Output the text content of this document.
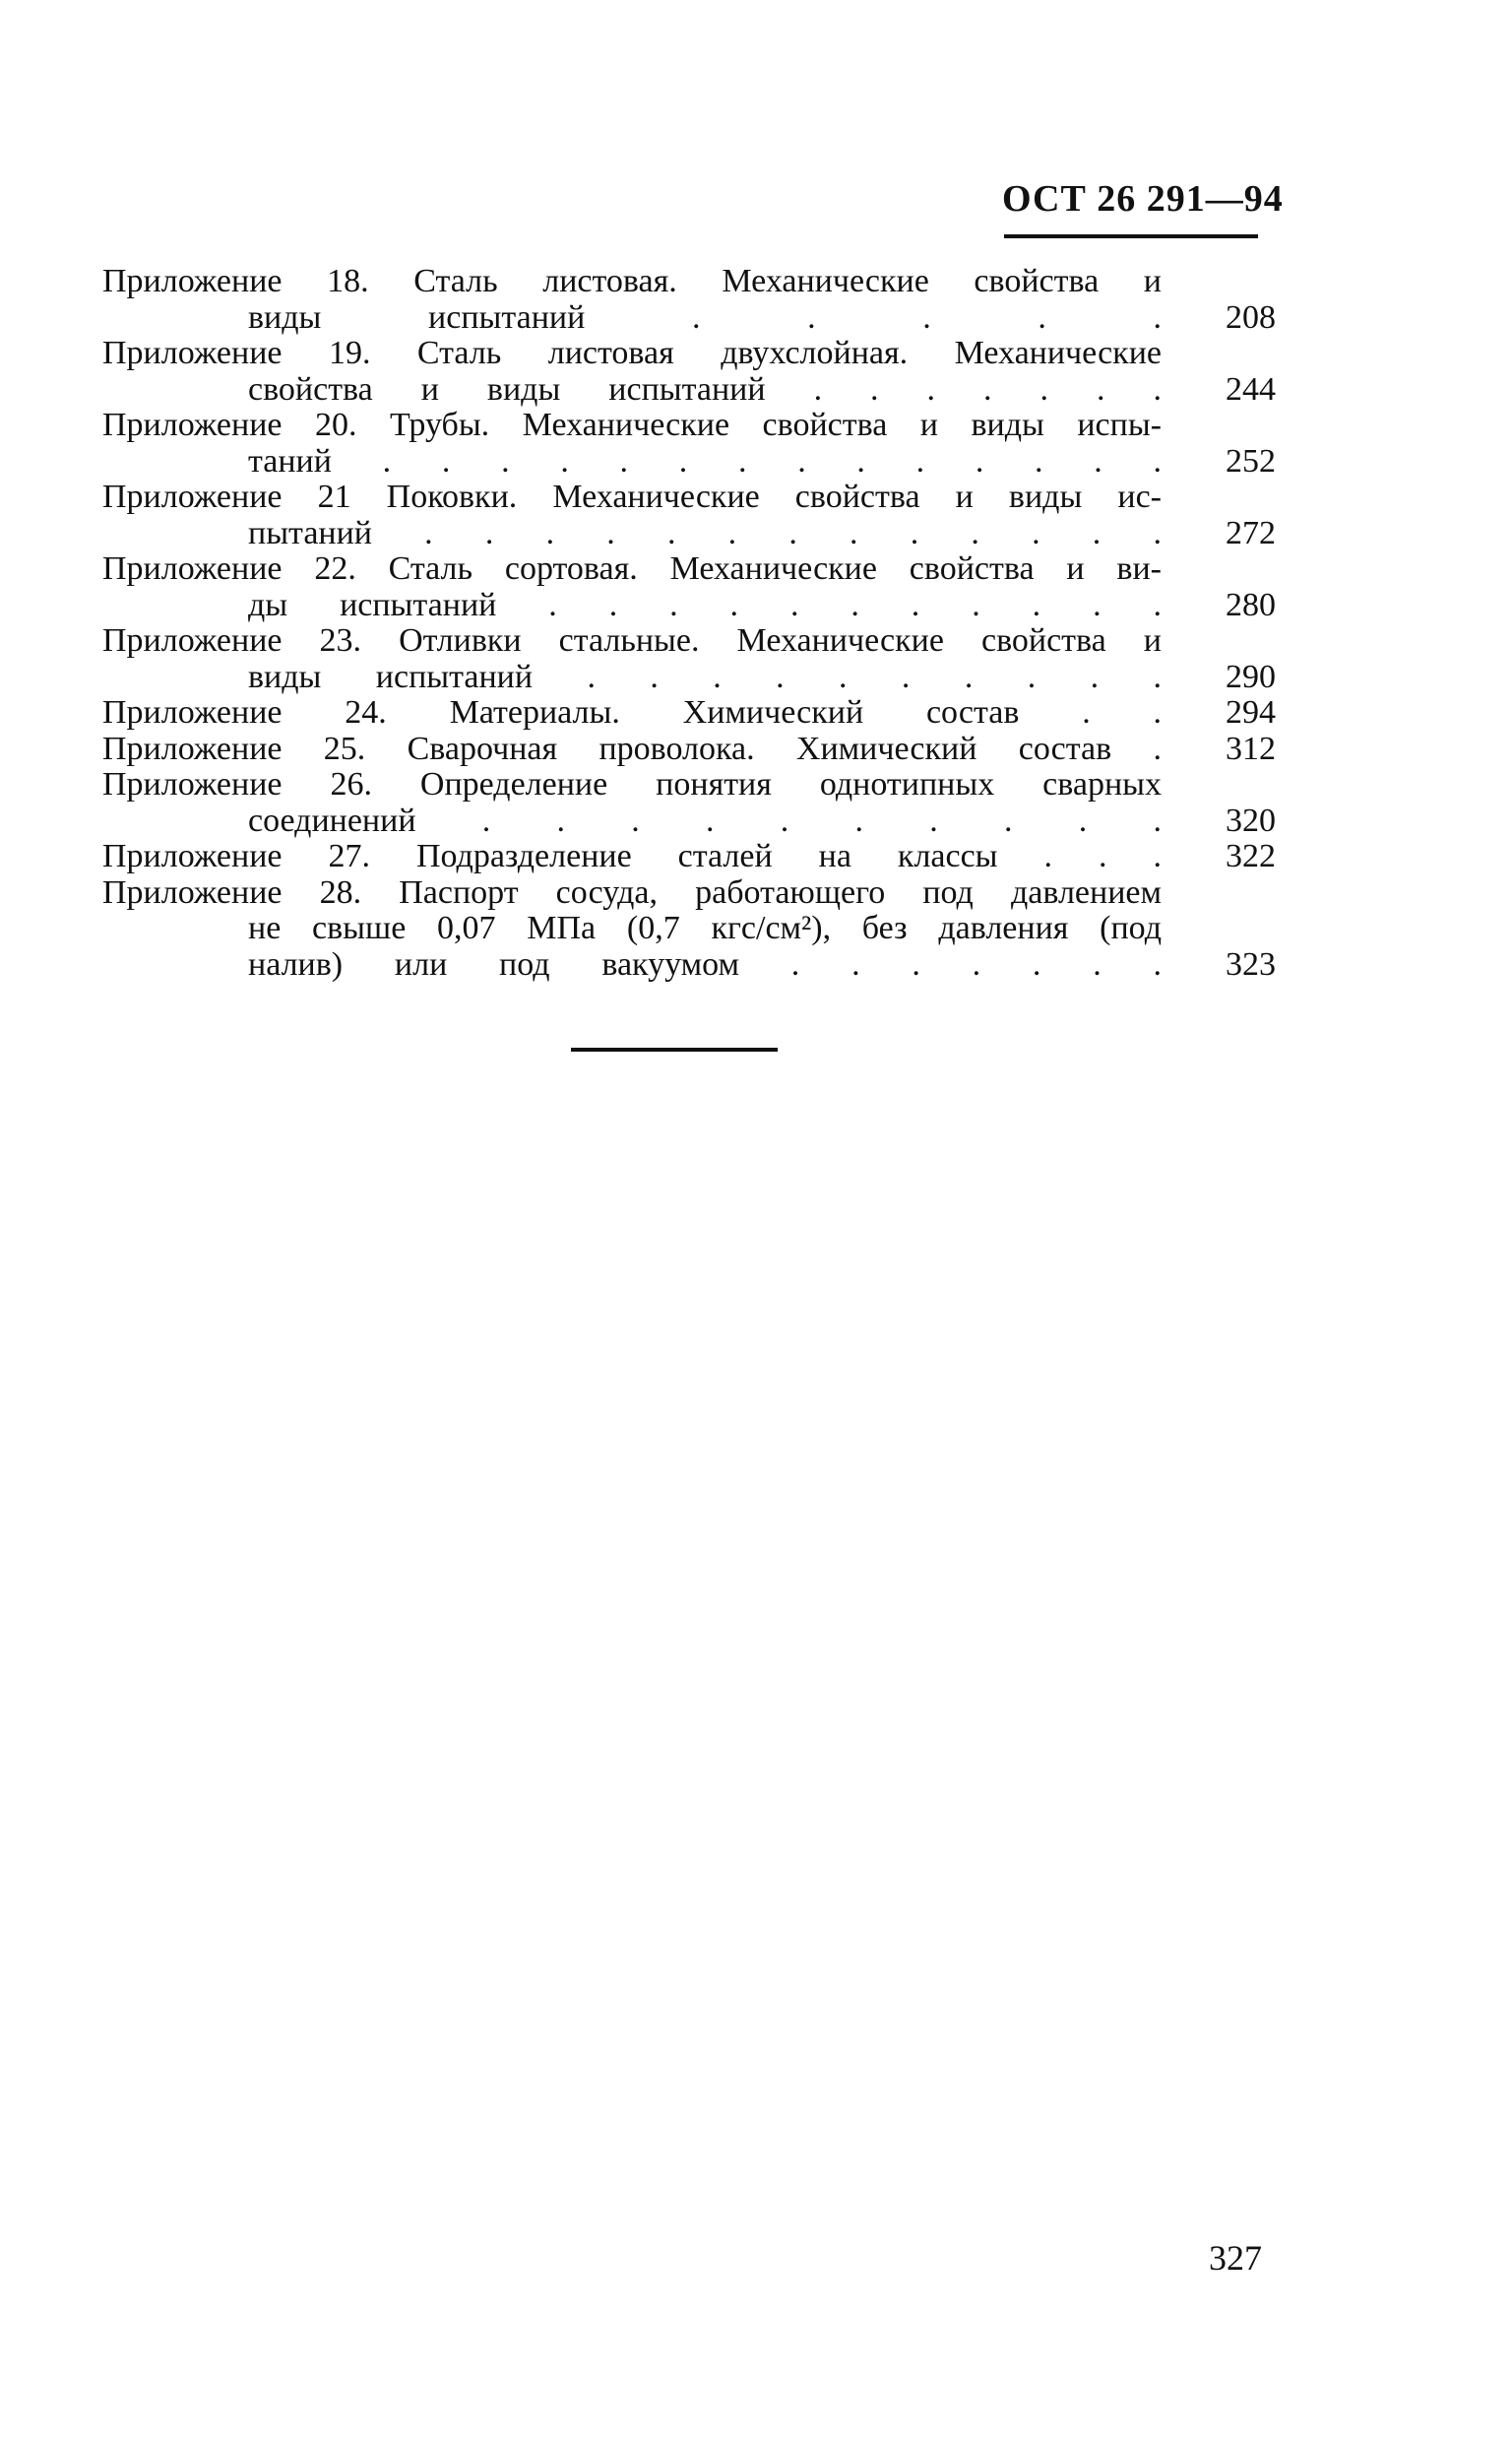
ОСТ 26 291—94
Приложение 18. Сталь листовая. Механические свойства и
виды испытаний . . . . .	208
Приложение 19. Сталь листовая двухслойная. Механические
свойства и виды испытаний . . . . . . .	244
Приложение 20. Трубы. Механические свойства и виды испы-
таний . . . . . . . . . . . . . .	252
Приложение 21 Поковки. Механические свойства и виды ис-
пытаний . . . . . . . . . . . . .	272
Приложение 22. Сталь сортовая. Механические свойства и ви-
ды испытаний . . . . . . . . . . .	280
Приложение 23. Отливки стальные. Механические свойства и
виды испытаний . . . . . . . . . .	290
Приложение 24. Материалы. Химический состав . .	294
Приложение 25. Сварочная проволока. Химический состав .	312
Приложение 26. Определение понятия однотипных сварных
соединений . . . . . . . . . .	320
Приложение 27. Подразделение сталей на классы . . .	322
Приложение 28. Паспорт сосуда, работающего под давлением
не свыше 0,07 МПа (0,7 кгс/см²), без давления (под
налив) или под вакуумом . . . . . . .	323
327
